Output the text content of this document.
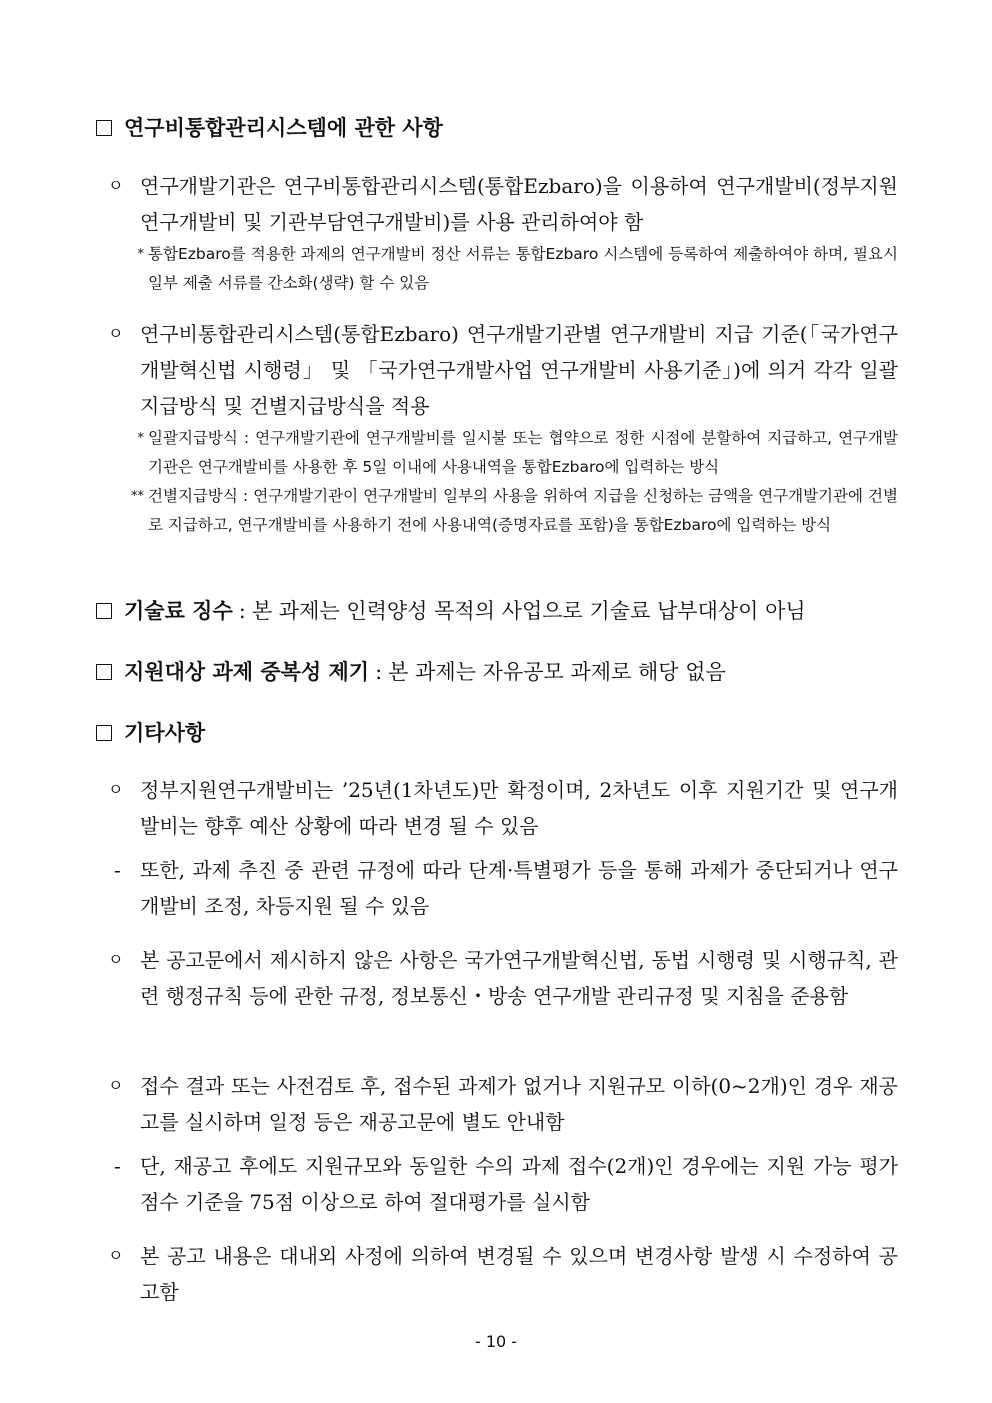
연구비통합관리시스템에 관한 사항
ㅇ 연구개발기관은 연구비통합관리시스템(통합Ezbaro)을 이용하여 연구개발비(정부지원연구개발비 및 기관부담연구개발비)를 사용 관리하여야 함
* 통합Ezbaro를 적용한 과제의 연구개발비 정산 서류는 통합Ezbaro 시스템에 등록하여 제출하여야 하며, 필요시 일부 제출 서류를 간소화(생략) 할 수 있음
ㅇ 연구비통합관리시스템(통합Ezbaro) 연구개발기관별 연구개발비 지급 기준(「국가연구개발혁신법 시행령」 및 「국가연구개발사업 연구개발비 사용기준」)에 의거 각각 일괄지급방식 및 건별지급방식을 적용
* 일괄지급방식 : 연구개발기관에 연구개발비를 일시불 또는 협약으로 정한 시점에 분할하여 지급하고, 연구개발기관은 연구개발비를 사용한 후 5일 이내에 사용내역을 통합Ezbaro에 입력하는 방식
** 건별지급방식 : 연구개발기관이 연구개발비 일부의 사용을 위하여 지급을 신청하는 금액을 연구개발기관에 건별로 지급하고, 연구개발비를 사용하기 전에 사용내역(증명자료를 포함)을 통합Ezbaro에 입력하는 방식
기술료 징수 : 본 과제는 인력양성 목적의 사업으로 기술료 납부대상이 아님
지원대상 과제 중복성 제기 : 본 과제는 자유공모 과제로 해당 없음
기타사항
ㅇ 정부지원연구개발비는 ’25년(1차년도)만 확정이며, 2차년도 이후 지원기간 및 연구개발비는 향후 예산 상황에 따라 변경 될 수 있음
- 또한, 과제 추진 중 관련 규정에 따라 단계·특별평가 등을 통해 과제가 중단되거나 연구개발비 조정, 차등지원 될 수 있음
ㅇ 본 공고문에서 제시하지 않은 사항은 국가연구개발혁신법, 동법 시행령 및 시행규칙, 관련 행정규칙 등에 관한 규정, 정보통신・방송 연구개발 관리규정 및 지침을 준용함
ㅇ 접수 결과 또는 사전검토 후, 접수된 과제가 없거나 지원규모 이하(0~2개)인 경우 재공고를 실시하며 일정 등은 재공고문에 별도 안내함
- 단, 재공고 후에도 지원규모와 동일한 수의 과제 접수(2개)인 경우에는 지원 가능 평가점수 기준을 75점 이상으로 하여 절대평가를 실시함
ㅇ 본 공고 내용은 대내외 사정에 의하여 변경될 수 있으며 변경사항 발생 시 수정하여 공고함
- 10 -
